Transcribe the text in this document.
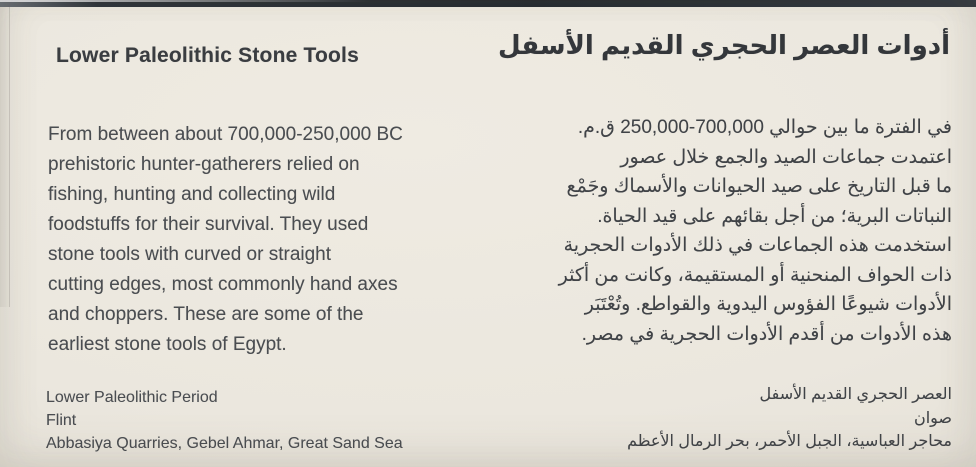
Lower Paleolithic Stone Tools	أدوات العصر الحجري القديم الأسفل
From between about 700,000-250,000 BC
prehistoric hunter-gatherers relied on
fishing, hunting and collecting wild
foodstuffs for their survival. They used
stone tools with curved or straight
cutting edges, most commonly hand axes
and choppers. These are some of the
earliest stone tools of Egypt.
في الفترة ما بين حوالي 700,000-250,000 ق.م.
اعتمدت جماعات الصيد والجمع خلال عصور
ما قبل التاريخ على صيد الحيوانات والأسماك وجَمْع
النباتات البرية؛ من أجل بقائهم على قيد الحياة.
استخدمت هذه الجماعات في ذلك الأدوات الحجرية
ذات الحواف المنحنية أو المستقيمة، وكانت من أكثر
الأدوات شيوعًا الفؤوس اليدوية والقواطع. وتُعْتَبَر
هذه الأدوات من أقدم الأدوات الحجرية في مصر.
Lower Paleolithic Period
Flint
Abbasiya Quarries, Gebel Ahmar, Great Sand Sea
العصر الحجري القديم الأسفل
صوان
محاجر العباسية، الجبل الأحمر، بحر الرمال الأعظم
